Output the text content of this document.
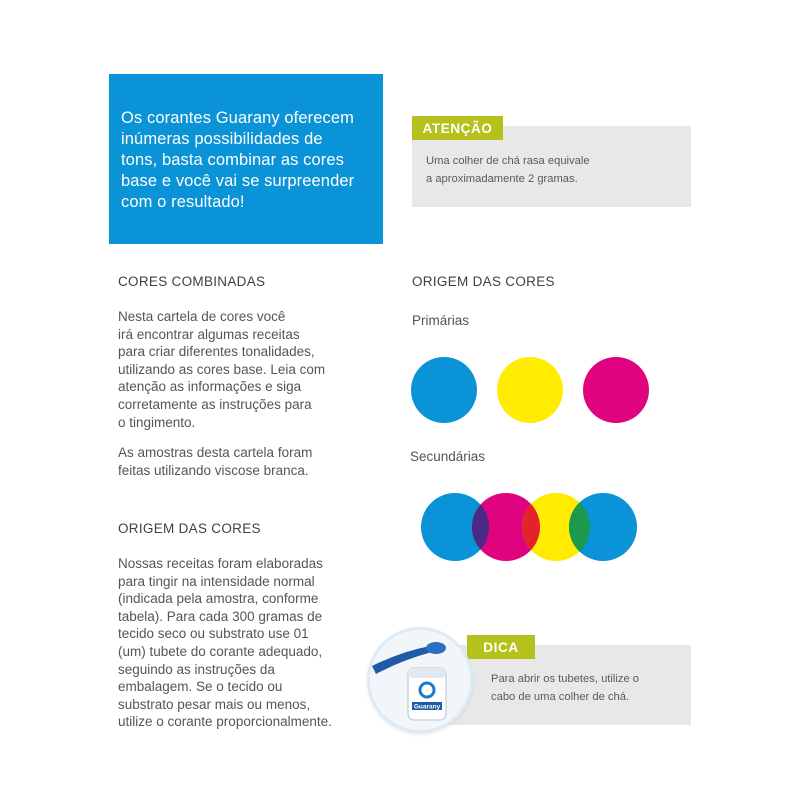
Os corantes Guarany oferecem
inúmeras possibilidades de
tons, basta combinar as cores
base e você vai se surpreender
com o resultado!

ATENÇÃO

Uma colher de chá rasa equivale
a aproximadamente 2 gramas.

CORES COMBINADAS

Nesta cartela de cores você
irá encontrar algumas receitas
para criar diferentes tonalidades,
utilizando as cores base. Leia com
atenção as informações e siga
corretamente as instruções para
o tingimento.

As amostras desta cartela foram
feitas utilizando viscose branca.

ORIGEM DAS CORES

Nossas receitas foram elaboradas
para tingir na intensidade normal
(indicada pela amostra, conforme
tabela). Para cada 300 gramas de
tecido seco ou substrato use 01
(um) tubete do corante adequado,
seguindo as instruções da
embalagem. Se o tecido ou
substrato pesar mais ou menos,
utilize o corante proporcionalmente.

ORIGEM DAS CORES

Primárias

Secundárias

DICA

Para abrir os tubetes, utilize o
cabo de uma colher de chá.

Guarany
